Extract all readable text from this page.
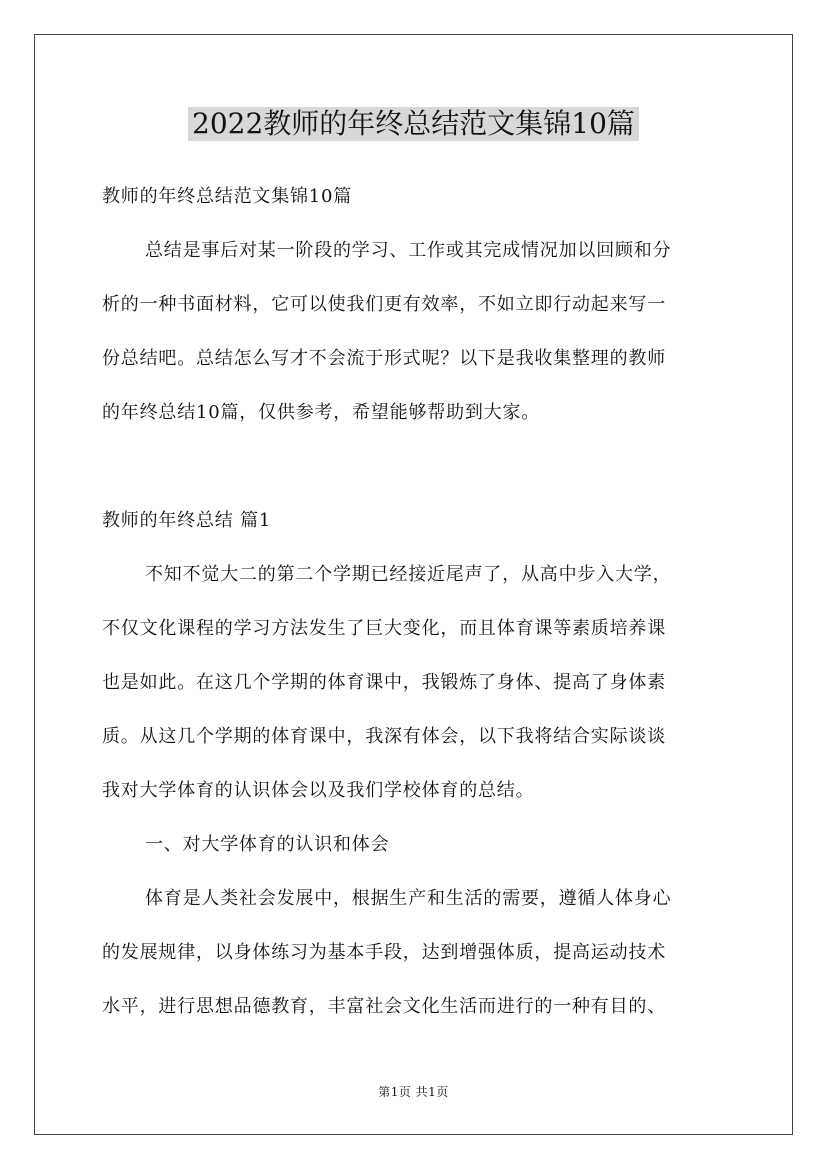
2022教师的年终总结范文集锦10篇
教师的年终总结范文集锦10篇
总结是事后对某一阶段的学习、工作或其完成情况加以回顾和分
析的一种书面材料，它可以使我们更有效率，不如立即行动起来写一
份总结吧。总结怎么写才不会流于形式呢？以下是我收集整理的教师
的年终总结10篇，仅供参考，希望能够帮助到大家。
教师的年终总结 篇1
不知不觉大二的第二个学期已经接近尾声了，从高中步入大学，
不仅文化课程的学习方法发生了巨大变化，而且体育课等素质培养课
也是如此。在这几个学期的体育课中，我锻炼了身体、提高了身体素
质。从这几个学期的体育课中，我深有体会，以下我将结合实际谈谈
我对大学体育的认识体会以及我们学校体育的总结。
一、对大学体育的认识和体会
体育是人类社会发展中，根据生产和生活的需要，遵循人体身心
的发展规律，以身体练习为基本手段，达到增强体质，提高运动技术
水平，进行思想品德教育，丰富社会文化生活而进行的一种有目的、
第1页 共1页
